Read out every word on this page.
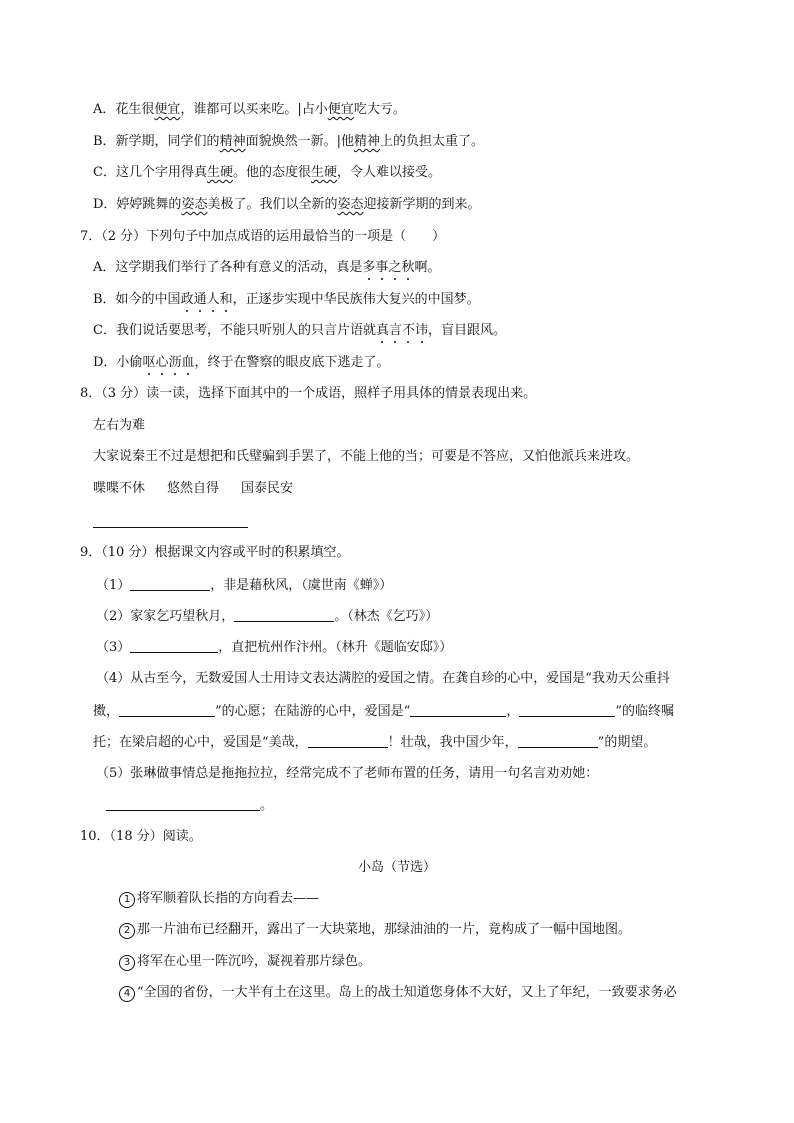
A．花生很便宜，谁都可以买来吃。|占小便宜吃大亏。
B．新学期，同学们的精神面貌焕然一新。|他精神上的负担太重了。
C．这几个字用得真生硬。他的态度很生硬，令人难以接受。
D．婷婷跳舞的姿态美极了。我们以全新的姿态迎接新学期的到来。
7．（2 分）下列句子中加点成语的运用最恰当的一项是（　　）
A．这学期我们举行了各种有意义的活动，真是多事之秋啊。
B．如今的中国政通人和，正逐步实现中华民族伟大复兴的中国梦。
C．我们说话要思考，不能只听别人的只言片语就真言不讳，盲目跟风。
D．小偷呕心沥血，终于在警察的眼皮底下逃走了。
8．（3 分）读一读，选择下面其中的一个成语，照样子用具体的情景表现出来。
左右为难
大家说秦王不过是想把和氏璧骗到手罢了，不能上他的当；可要是不答应，又怕他派兵来进攻。
喋喋不休 悠然自得 国泰民安
9．（10 分）根据课文内容或平时的积累填空。
（1）	，非是藉秋风，（虞世南《蝉》）
（2）家家乞巧望秋月，	。（林杰《乞巧》）
（3）	，直把杭州作汴州。（林升《题临安邸》）
（4）从古至今，无数爱国人士用诗文表达满腔的爱国之情。在龚自珍的心中，爱国是“我劝天公重抖
擞，	”的心愿；在陆游的心中，爱国是“	，	”的临终嘱
托；在梁启超的心中，爱国是“美哉，	！壮哉，我中国少年，	”的期望。
（5）张琳做事情总是拖拖拉拉，经常完成不了老师布置的任务，请用一句名言劝劝她：
。
10．（18 分）阅读。
小岛（节选）
1 将军顺着队长指的方向看去——
2 那一片油布已经翻开，露出了一大块菜地，那绿油油的一片，竟构成了一幅中国地图。
3 将军在心里一阵沉吟，凝视着那片绿色。
4 “全国的省份，一大半有土在这里。岛上的战士知道您身体不大好，又上了年纪，一致要求务必
